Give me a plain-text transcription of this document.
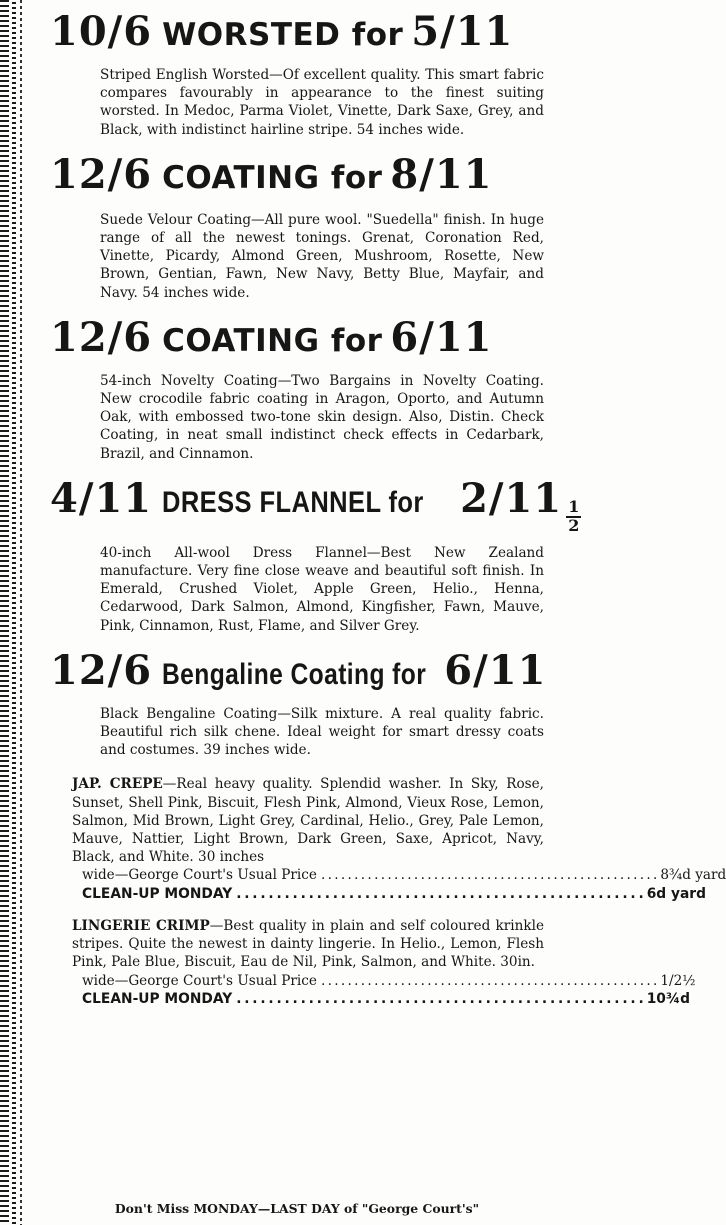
10/6 WORSTED for 5/11

Striped English Worsted—Of excellent quality. This smart fabric compares favourably in appearance to the finest suiting worsted. In Medoc, Parma Violet, Vinette, Dark Saxe, Grey, and Black, with indistinct hairline stripe. 54 inches wide.

12/6 COATING for 8/11

Suede Velour Coating—All pure wool. "Suedella" finish. In huge range of all the newest tonings. Grenat, Coronation Red, Vinette, Picardy, Almond Green, Mushroom, Rosette, New Brown, Gentian, Fawn, New Navy, Betty Blue, Mayfair, and Navy. 54 inches wide.

12/6 COATING for 6/11

54-inch Novelty Coating—Two Bargains in Novelty Coating. New crocodile fabric coating in Aragon, Oporto, and Autumn Oak, with embossed two-tone skin design. Also, Distin. Check Coating, in neat small indistinct check effects in Cedarbark, Brazil, and Cinnamon.

4/11 DRESS FLANNEL for $2/11 \frac{1}{2}$

40-inch All-wool Dress Flannel—Best New Zealand manufacture. Very fine close weave and beautiful soft finish. In Emerald, Crushed Violet, Apple Green, Helio., Henna, Cedarwood, Dark Salmon, Almond, Kingfisher, Fawn, Mauve, Pink, Cinnamon, Rust, Flame, and Silver Grey.

12/6 Bengaline Coating for 6/11

Black Bengaline Coating—Silk mixture. A real quality fabric. Beautiful rich silk chene. Ideal weight for smart dressy coats and costumes. 39 inches wide.

JAP. CREPE—Real heavy quality. Splendid washer. In Sky, Rose, Sunset, Shell Pink, Biscuit, Flesh Pink, Almond, Vieux Rose, Lemon, Salmon, Mid Brown, Light Grey, Cardinal, Helio., Grey, Pale Lemon, Mauve, Nattier, Light Brown, Dark Green, Saxe, Apricot, Navy, Black, and White. 30 inches
wide—George Court's Usual Price . . .	8¾d yard
CLEAN-UP MONDAY . . .	6d yard
LINGERIE CRIMP—Best quality in plain and self coloured krinkle stripes. Quite the newest in dainty lingerie. In Helio., Lemon, Flesh Pink, Pale Blue, Biscuit, Eau de Nil, Pink, Salmon, and White. 30in.
wide—George Court's Usual Price . . .	1/2½
CLEAN-UP MONDAY . . .	10¾d
Don't Miss MONDAY—LAST DAY of "George Court's"
